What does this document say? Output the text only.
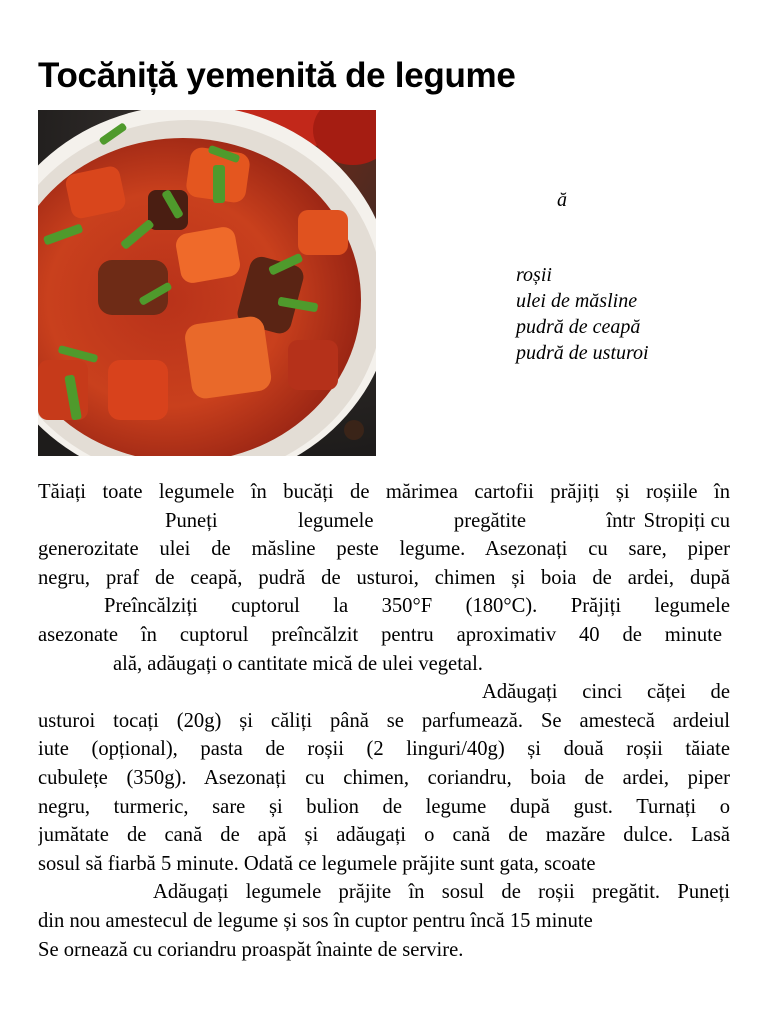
Tocăniță yemenită de legume

ă

roșii
ulei de măsline
pudră de ceapă
pudră de usturoi
Tăiați toate legumele în bucăți de mărimea cartofii prăjiți și roșiile în
Puneți legumele pregătite într Stropiți cu
generozitate ulei de măsline peste legume. Asezonați cu sare, piper
negru, praf de ceapă, pudră de usturoi, chimen și boia de ardei, după
Preîncălziți cuptorul la 350°F (180°C). Prăjiți legumele
asezonate în cuptorul preîncălzit pentru aproximativ 40 de minute
ală, adăugați o cantitate mică de ulei vegetal.
Adăugați cinci căței de
usturoi tocați (20g) și căliți până se parfumează. Se amestecă ardeiul
iute (opțional), pasta de roșii (2 linguri/40g) și două roșii tăiate
cubulețe (350g). Asezonați cu chimen, coriandru, boia de ardei, piper
negru, turmeric, sare și bulion de legume după gust. Turnați o
jumătate de cană de apă și adăugați o cană de mazăre dulce. Lasă
sosul să fiarbă 5 minute. Odată ce legumele prăjite sunt gata, scoate
Adăugați legumele prăjite în sosul de roșii pregătit. Puneți
din nou amestecul de legume și sos în cuptor pentru încă 15 minute
Se ornează cu coriandru proaspăt înainte de servire.
